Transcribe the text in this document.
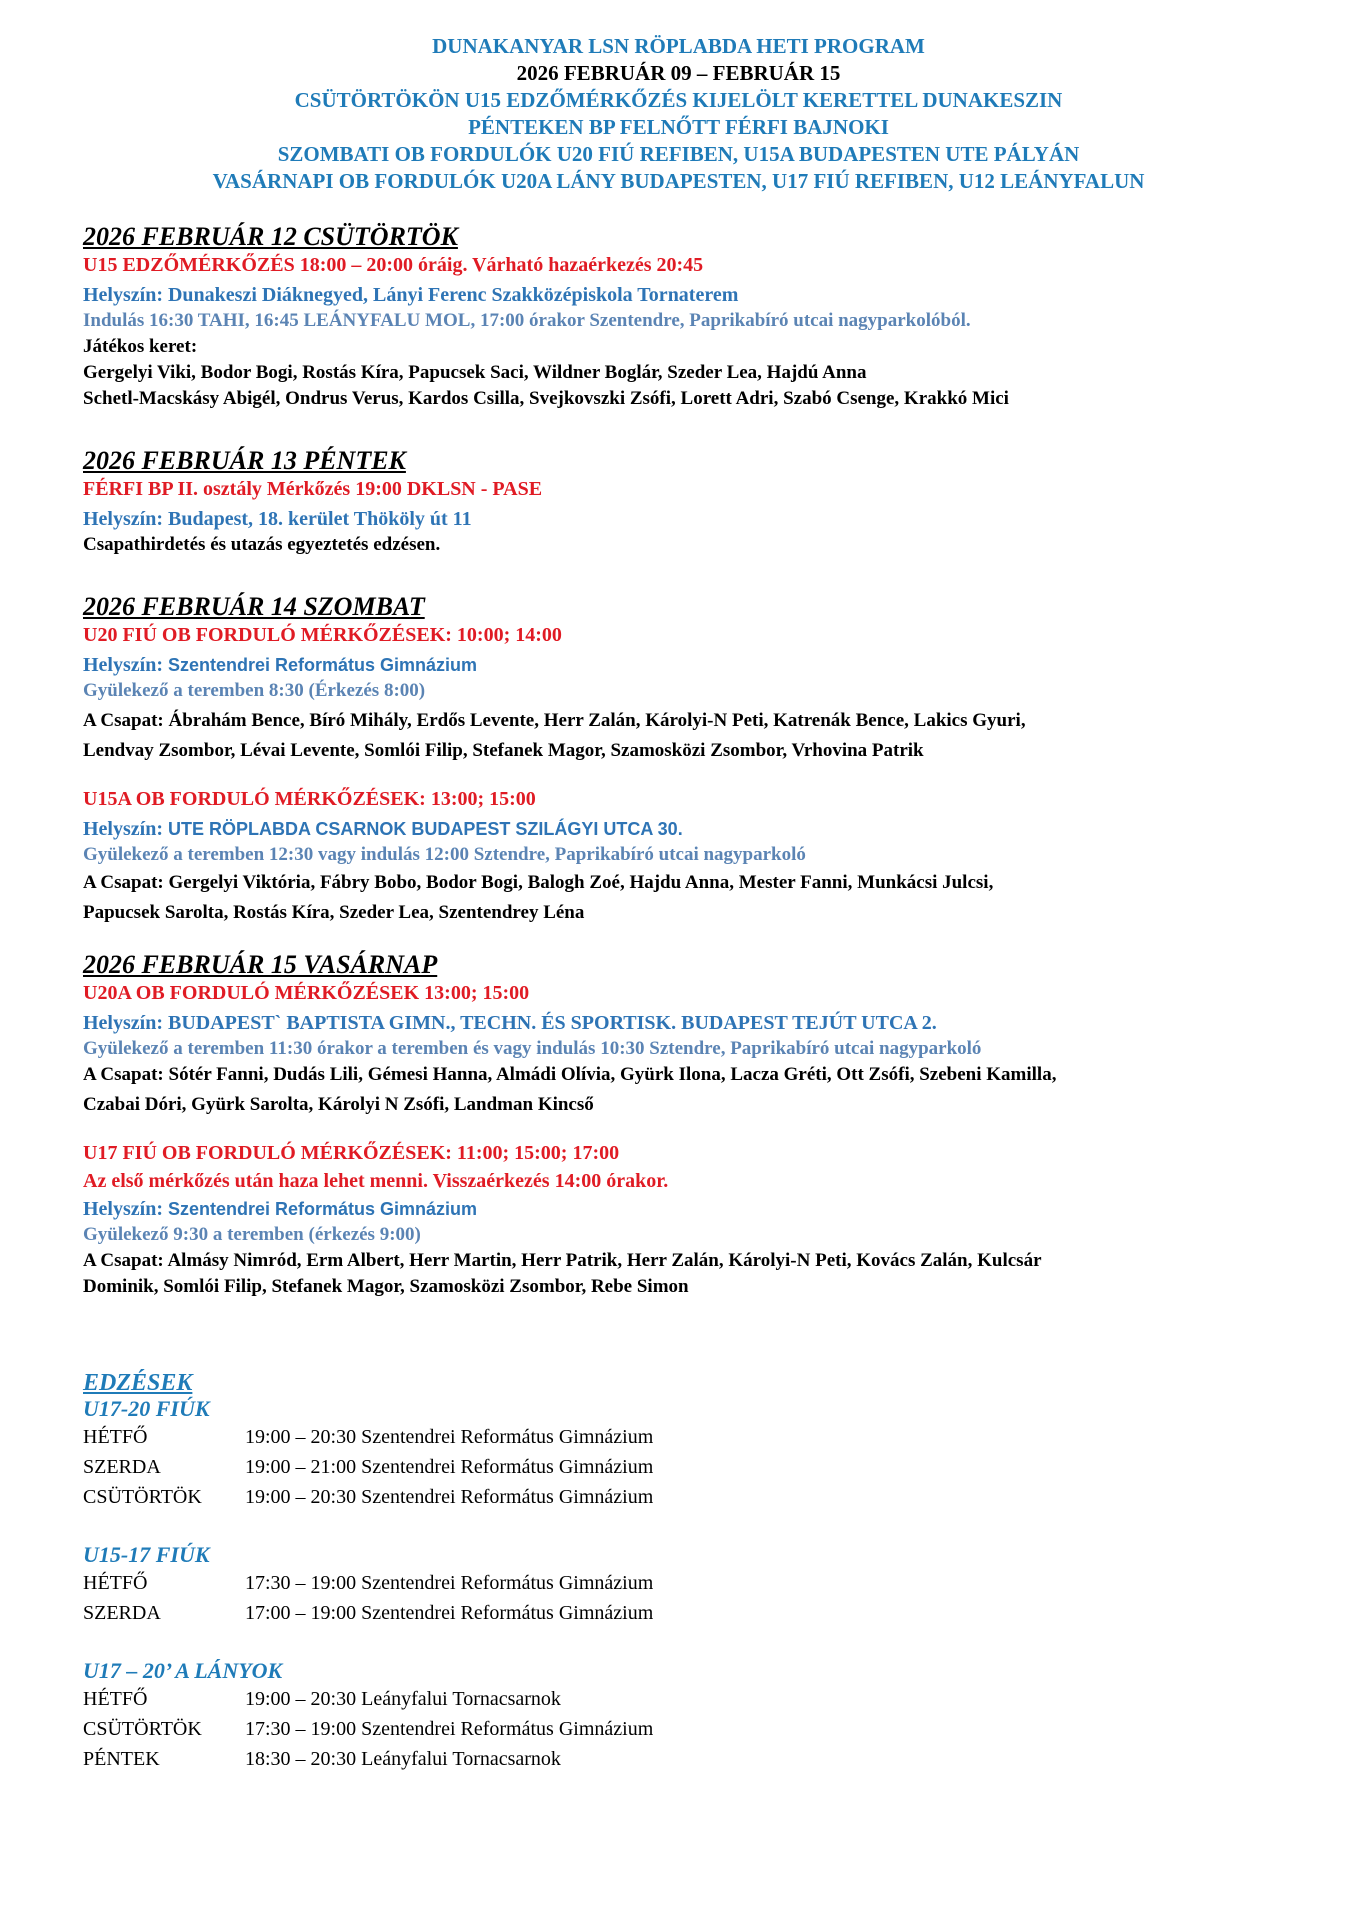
DUNAKANYAR LSN RÖPLABDA HETI PROGRAM
2026 FEBRUÁR 09 – FEBRUÁR 15
CSÜTÖRTÖKÖN U15 EDZŐMÉRKŐZÉS KIJELÖLT KERETTEL DUNAKESZIN
PÉNTEKEN BP FELNŐTT FÉRFI BAJNOKI
SZOMBATI OB FORDULÓK U20 FIÚ REFIBEN, U15A BUDAPESTEN UTE PÁLYÁN
VASÁRNAPI OB FORDULÓK U20A LÁNY BUDAPESTEN, U17 FIÚ REFIBEN, U12 LEÁNYFALUN
2026 FEBRUÁR 12 CSÜTÖRTÖK
U15 EDZŐMÉRKŐZÉS 18:00 – 20:00 óráig. Várható hazaérkezés 20:45
Helyszín: Dunakeszi Diáknegyed, Lányi Ferenc Szakközépiskola Tornaterem
Indulás 16:30 TAHI, 16:45 LEÁNYFALU MOL, 17:00 órakor Szentendre, Paprikabíró utcai nagyparkolóból.
Játékos keret:
Gergelyi Viki, Bodor Bogi, Rostás Kíra, Papucsek Saci, Wildner Boglár, Szeder Lea, Hajdú Anna
Schetl-Macskásy Abigél, Ondrus Verus, Kardos Csilla, Svejkovszki Zsófi, Lorett Adri, Szabó Csenge, Krakkó Mici
2026 FEBRUÁR 13 PÉNTEK
FÉRFI BP II. osztály Mérkőzés 19:00 DKLSN - PASE
Helyszín: Budapest, 18. kerület Thököly út 11
Csapathirdetés és utazás egyeztetés edzésen.
2026 FEBRUÁR 14 SZOMBAT
U20 FIÚ OB FORDULÓ MÉRKŐZÉSEK: 10:00; 14:00
Helyszín: Szentendrei Református Gimnázium
Gyülekező a teremben 8:30 (Érkezés 8:00)
A Csapat: Ábrahám Bence, Bíró Mihály, Erdős Levente, Herr Zalán, Károlyi-N Peti, Katrenák Bence, Lakics Gyuri,
Lendvay Zsombor, Lévai Levente, Somlói Filip, Stefanek Magor, Szamosközi Zsombor, Vrhovina Patrik
U15A OB FORDULÓ MÉRKŐZÉSEK: 13:00; 15:00
Helyszín: UTE RÖPLABDA CSARNOK BUDAPEST SZILÁGYI UTCA 30.
Gyülekező a teremben 12:30 vagy indulás 12:00 Sztendre, Paprikabíró utcai nagyparkoló
A Csapat: Gergelyi Viktória, Fábry Bobo, Bodor Bogi, Balogh Zoé, Hajdu Anna, Mester Fanni, Munkácsi Julcsi,
Papucsek Sarolta, Rostás Kíra, Szeder Lea, Szentendrey Léna
2026 FEBRUÁR 15 VASÁRNAP
U20A OB FORDULÓ MÉRKŐZÉSEK 13:00; 15:00
Helyszín: BUDAPEST` BAPTISTA GIMN., TECHN. ÉS SPORTISK. BUDAPEST TEJÚT UTCA 2.
Gyülekező a teremben 11:30 órakor a teremben és vagy indulás 10:30 Sztendre, Paprikabíró utcai nagyparkoló
A Csapat: Sótér Fanni, Dudás Lili, Gémesi Hanna, Almádi Olívia, Gyürk Ilona, Lacza Gréti, Ott Zsófi, Szebeni Kamilla,
Czabai Dóri, Gyürk Sarolta, Károlyi N Zsófi, Landman Kincső
U17 FIÚ OB FORDULÓ MÉRKŐZÉSEK: 11:00; 15:00; 17:00
Az első mérkőzés után haza lehet menni. Visszaérkezés 14:00 órakor.
Helyszín: Szentendrei Református Gimnázium
Gyülekező 9:30 a teremben (érkezés 9:00)
A Csapat: Almásy Nimród, Erm Albert, Herr Martin, Herr Patrik, Herr Zalán, Károlyi-N Peti, Kovács Zalán, Kulcsár
Dominik, Somlói Filip, Stefanek Magor, Szamosközi Zsombor, Rebe Simon
EDZÉSEK
U17-20 FIÚK
HÉTFŐ	19:00 – 20:30 Szentendrei Református Gimnázium
SZERDA	19:00 – 21:00 Szentendrei Református Gimnázium
CSÜTÖRTÖK	19:00 – 20:30 Szentendrei Református Gimnázium
U15-17 FIÚK
HÉTFŐ	17:30 – 19:00 Szentendrei Református Gimnázium
SZERDA	17:00 – 19:00 Szentendrei Református Gimnázium
U17 – 20’ A LÁNYOK
HÉTFŐ	19:00 – 20:30 Leányfalui Tornacsarnok
CSÜTÖRTÖK	17:30 – 19:00 Szentendrei Református Gimnázium
PÉNTEK	18:30 – 20:30 Leányfalui Tornacsarnok
